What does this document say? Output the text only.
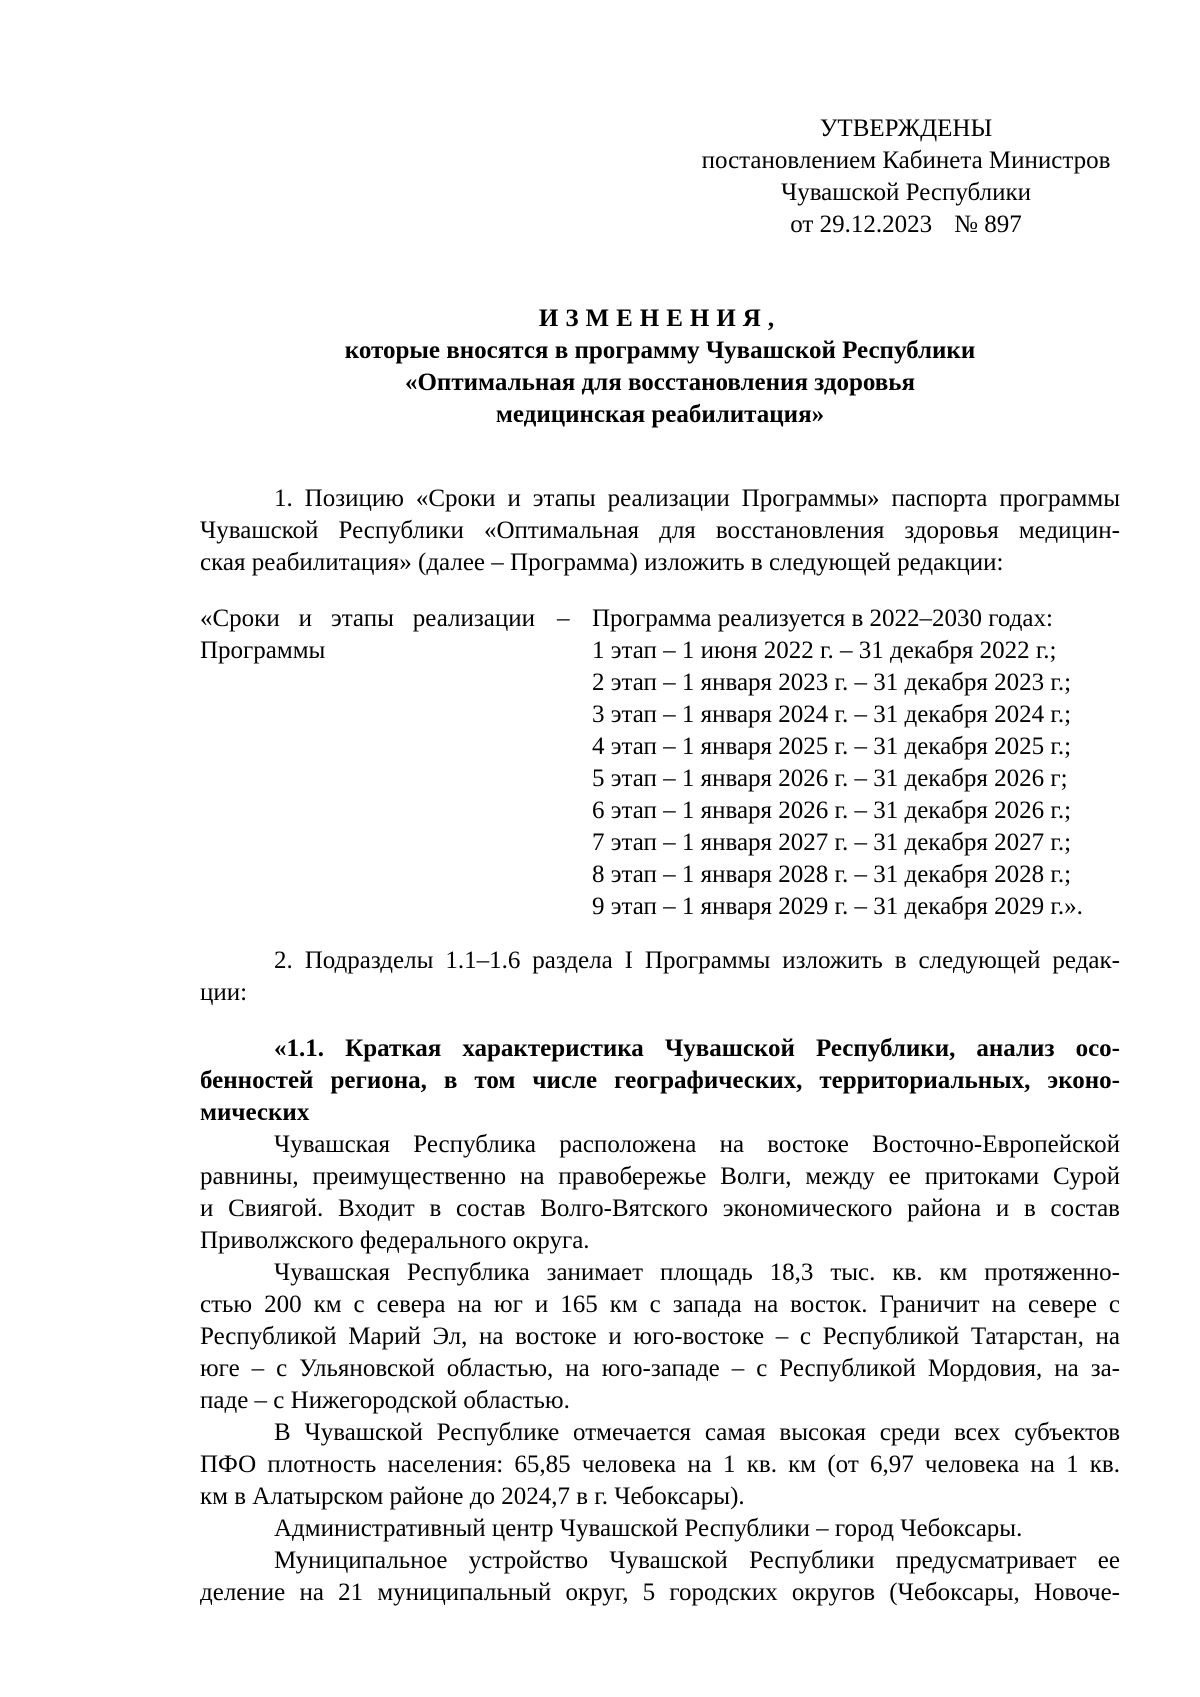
УТВЕРЖДЕНЫ
постановлением Кабинета Министров
Чувашской Республики
от 29.12.2023 № 897
ИЗМЕНЕНИЯ,
которые вносятся в программу Чувашской Республики
«Оптимальная для восстановления здоровья
медицинская реабилитация»
1. Позицию «Сроки и этапы реализации Программы» паспорта программы
Чувашской Республики «Оптимальная для восстановления здоровья медицин-
ская реабилитация» (далее – Программа) изложить в следующей редакции:
«Сроки и этапы реализации –
Программы
Программа реализуется в 2022–2030 годах:
1 этап – 1 июня 2022 г. – 31 декабря 2022 г.;
2 этап – 1 января 2023 г. – 31 декабря 2023 г.;
3 этап – 1 января 2024 г. – 31 декабря 2024 г.;
4 этап – 1 января 2025 г. – 31 декабря 2025 г.;
5 этап – 1 января 2026 г. – 31 декабря 2026 г;
6 этап – 1 января 2026 г. – 31 декабря 2026 г.;
7 этап – 1 января 2027 г. – 31 декабря 2027 г.;
8 этап – 1 января 2028 г. – 31 декабря 2028 г.;
9 этап – 1 января 2029 г. – 31 декабря 2029 г.».
2. Подразделы 1.1–1.6 раздела I Программы изложить в следующей редак-
ции:
«1.1. Краткая характеристика Чувашской Республики, анализ осо-
бенностей региона, в том числе географических, территориальных, эконо-
мических
Чувашская Республика расположена на востоке Восточно-Европейской
равнины, преимущественно на правобережье Волги, между ее притоками Сурой
и Свиягой. Входит в состав Волго-Вятского экономического района и в состав
Приволжского федерального округа.
Чувашская Республика занимает площадь 18,3 тыс. кв. км протяженно-
стью 200 км с севера на юг и 165 км с запада на восток. Граничит на севере с
Республикой Марий Эл, на востоке и юго-востоке – с Республикой Татарстан, на
юге – с Ульяновской областью, на юго-западе – с Республикой Мордовия, на за-
паде – с Нижегородской областью.
В Чувашской Республике отмечается самая высокая среди всех субъектов
ПФО плотность населения: 65,85 человека на 1 кв. км (от 6,97 человека на 1 кв.
км в Алатырском районе до 2024,7 в г. Чебоксары).
Административный центр Чувашской Республики – город Чебоксары.
Муниципальное устройство Чувашской Республики предусматривает ее
деление на 21 муниципальный округ, 5 городских округов (Чебоксары, Новоче-
